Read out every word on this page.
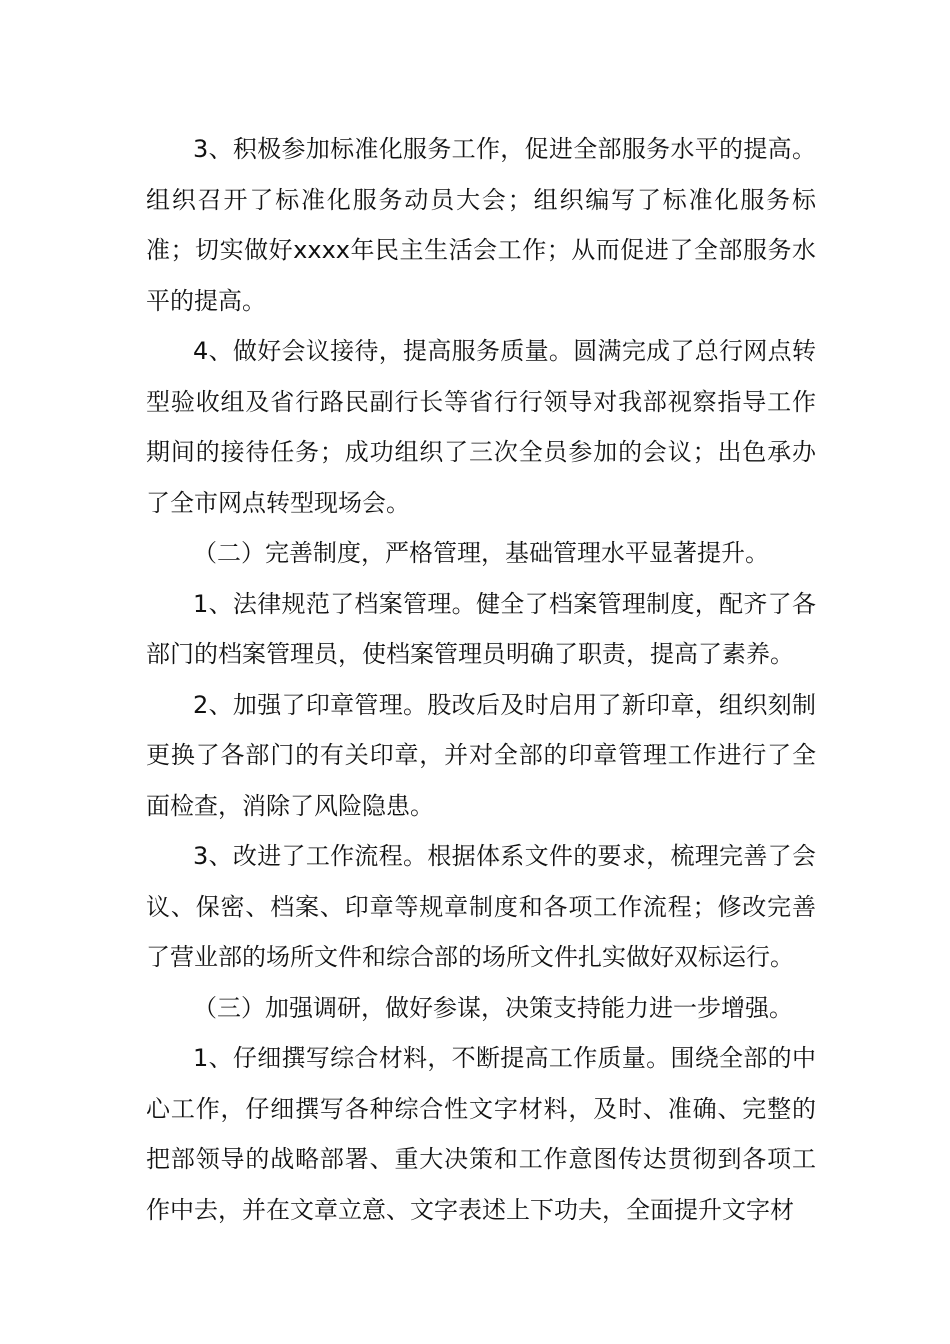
3、积极参加标准化服务工作，促进全部服务水平的提高。组织召开了标准化服务动员大会；组织编写了标准化服务标准；切实做好xxxx年民主生活会工作；从而促进了全部服务水平的提高。

4、做好会议接待，提高服务质量。圆满完成了总行网点转型验收组及省行路民副行长等省行行领导对我部视察指导工作期间的接待任务；成功组织了三次全员参加的会议；出色承办了全市网点转型现场会。

（二）完善制度，严格管理，基础管理水平显著提升。

1、法律规范了档案管理。健全了档案管理制度，配齐了各部门的档案管理员，使档案管理员明确了职责，提高了素养。

2、加强了印章管理。股改后及时启用了新印章，组织刻制更换了各部门的有关印章，并对全部的印章管理工作进行了全面检查，消除了风险隐患。

3、改进了工作流程。根据体系文件的要求，梳理完善了会议、保密、档案、印章等规章制度和各项工作流程；修改完善了营业部的场所文件和综合部的场所文件扎实做好双标运行。

（三）加强调研，做好参谋，决策支持能力进一步增强。

1、仔细撰写综合材料，不断提高工作质量。围绕全部的中心工作，仔细撰写各种综合性文字材料，及时、准确、完整的把部领导的战略部署、重大决策和工作意图传达贯彻到各项工作中去，并在文章立意、文字表述上下功夫，全面提升文字材
